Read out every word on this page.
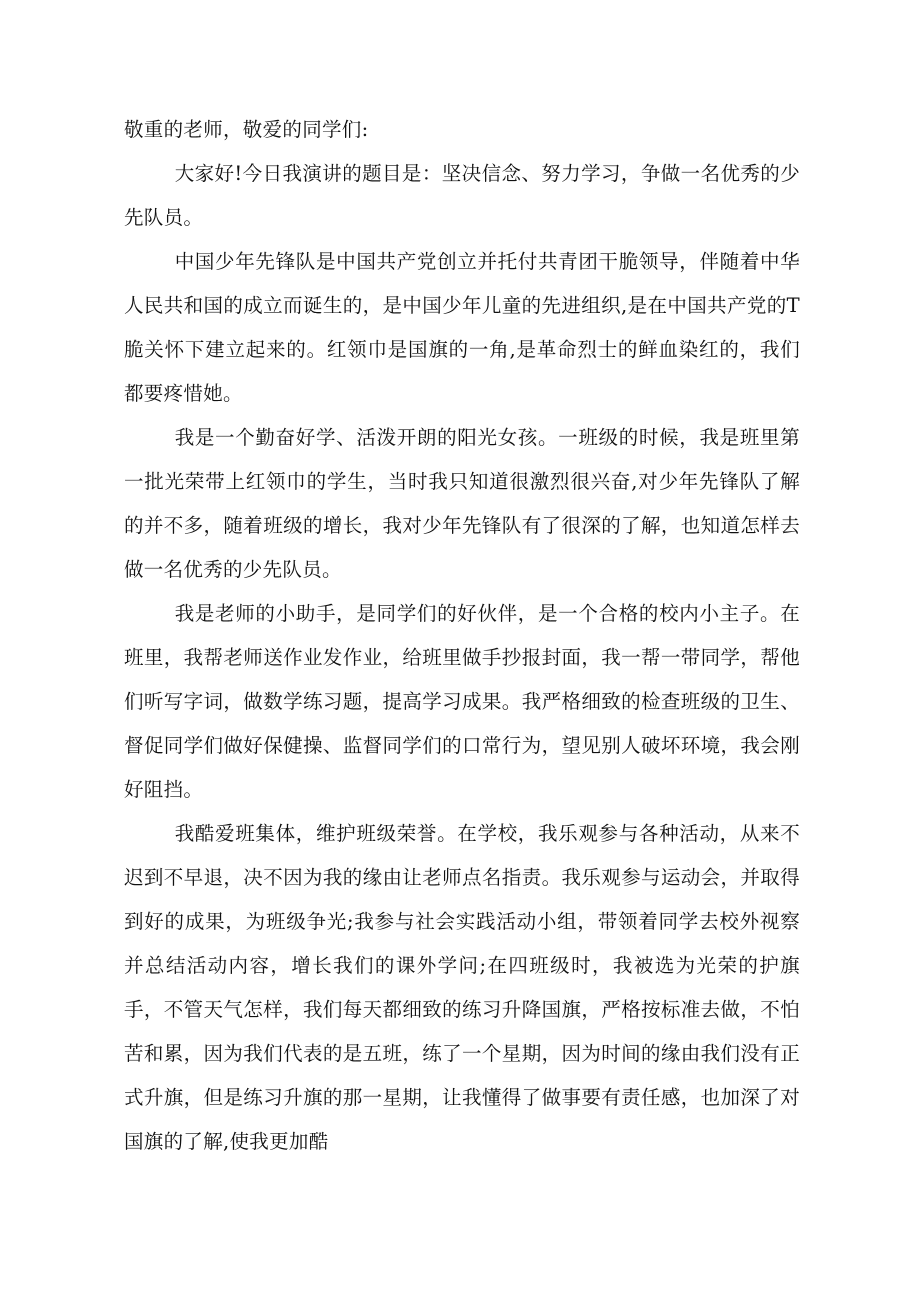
敬重的老师，敬爱的同学们:

大家好!今日我演讲的题目是：坚决信念、努力学习，争做一名优秀的少先队员。

中国少年先锋队是中国共产党创立并托付共青团干脆领导，伴随着中华人民共和国的成立而诞生的，是中国少年儿童的先进组织,是在中国共产党的T脆关怀下建立起来的。红领巾是国旗的一角,是革命烈士的鲜血染红的，我们都要疼惜她。

我是一个勤奋好学、活泼开朗的阳光女孩。一班级的时候，我是班里第一批光荣带上红领巾的学生，当时我只知道很激烈很兴奋,对少年先锋队了解的并不多，随着班级的增长，我对少年先锋队有了很深的了解，也知道怎样去做一名优秀的少先队员。

我是老师的小助手，是同学们的好伙伴，是一个合格的校内小主子。在班里，我帮老师送作业发作业，给班里做手抄报封面，我一帮一带同学，帮他们听写字词，做数学练习题，提高学习成果。我严格细致的检查班级的卫生、督促同学们做好保健操、监督同学们的口常行为，望见别人破坏环境，我会刚好阻挡。

我酷爱班集体，维护班级荣誉。在学校，我乐观参与各种活动，从来不迟到不早退，决不因为我的缘由让老师点名指责。我乐观参与运动会，并取得到好的成果，为班级争光;我参与社会实践活动小组，带领着同学去校外视察并总结活动内容，增长我们的课外学问;在四班级时，我被选为光荣的护旗手，不管天气怎样，我们每天都细致的练习升降国旗，严格按标准去做，不怕苦和累，因为我们代表的是五班，练了一个星期，因为时间的缘由我们没有正式升旗，但是练习升旗的那一星期，让我懂得了做事要有责任感，也加深了对国旗的了解,使我更加酷
